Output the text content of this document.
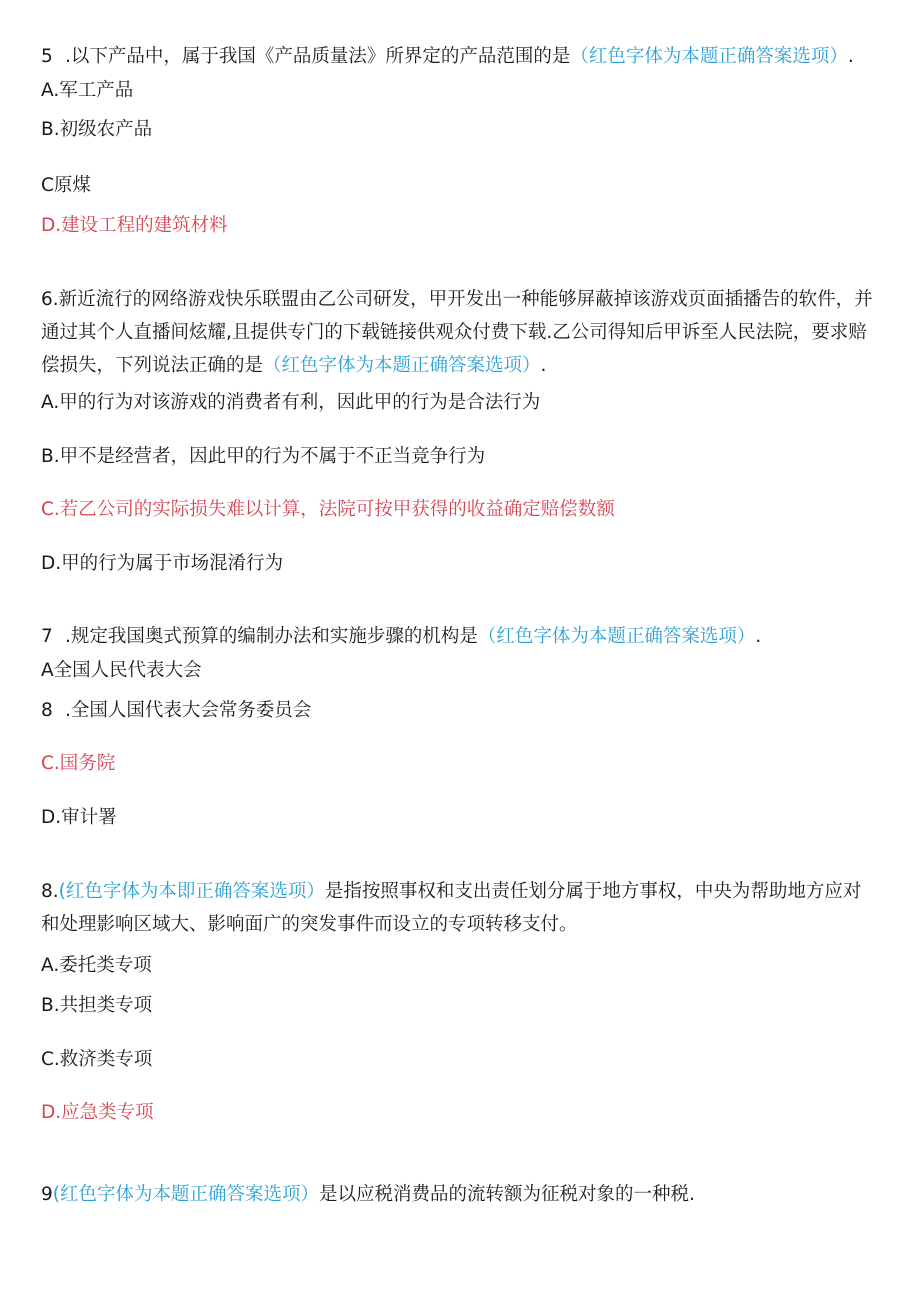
5 .以下产品中，属于我国《产品质量法》所界定的产品范围的是（红色字体为本题正确答案选项）.
A.军工产品
B.初级农产品
C原煤
D.建设工程的建筑材料
6.新近流行的网络游戏快乐联盟由乙公司研发，甲开发出一种能够屏蔽掉该游戏页面插播告的软件，并通过其个人直播间炫耀,且提供专门的下载链接供观众付费下载.乙公司得知后甲诉至人民法院，要求赔偿损失，下列说法正确的是（红色字体为本题正确答案选项）.
A.甲的行为对该游戏的消费者有利，因此甲的行为是合法行为
B.甲不是经营者，因此甲的行为不属于不正当竞争行为
C.若乙公司的实际损失难以计算，法院可按甲获得的收益确定赔偿数额
D.甲的行为属于市场混淆行为
7 .规定我国奥式预算的编制办法和实施步骤的机构是（红色字体为本题正确答案选项）.
A全国人民代表大会
8 .全国人国代表大会常务委员会
C.国务院
D.审计署
8.(红色字体为本即正确答案选项）是指按照事权和支出责任划分属于地方事权，中央为帮助地方应对和处理影响区域大、影响面广的突发事件而设立的专项转移支付。
A.委托类专项
B.共担类专项
C.救济类专项
D.应急类专项
9(红色字体为本题正确答案选项）是以应税消费品的流转额为征税对象的一种税.
